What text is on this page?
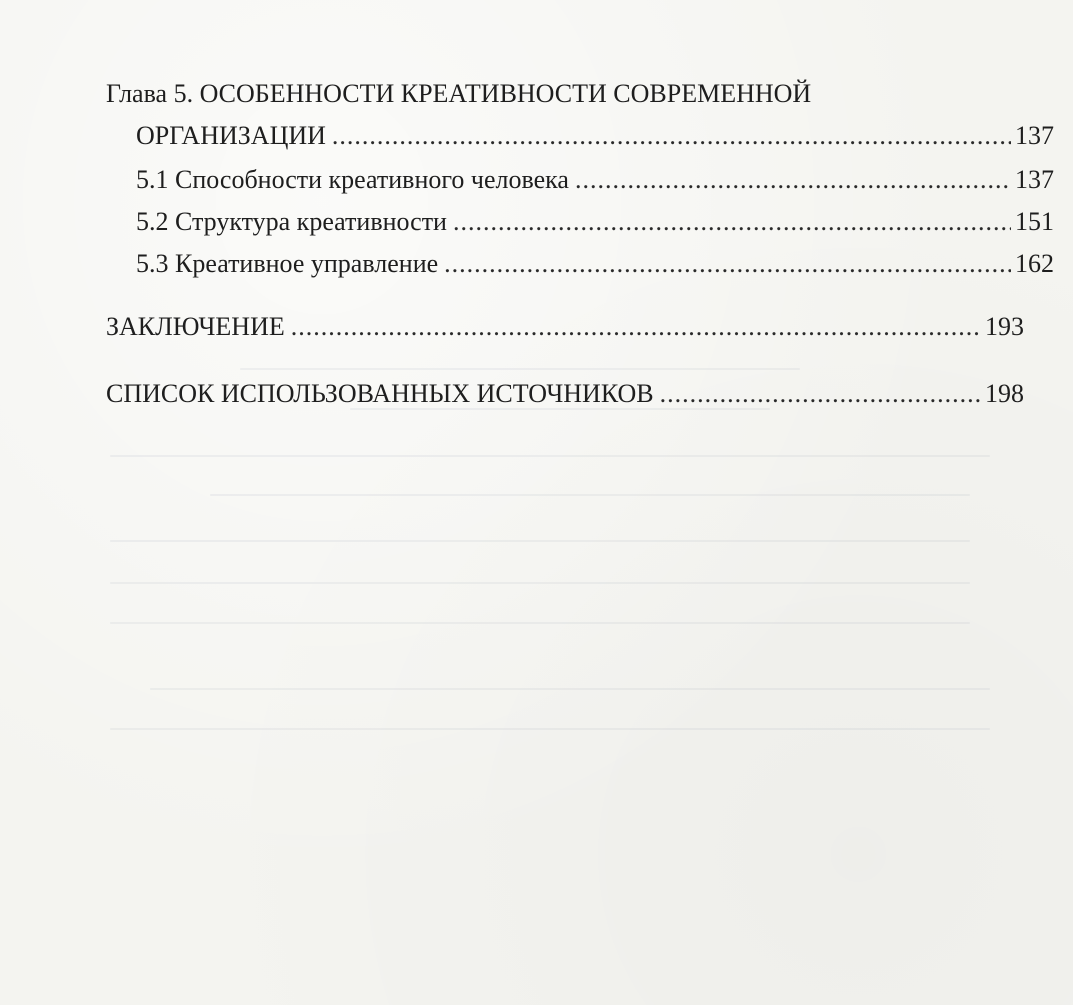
Глава 5. ОСОБЕННОСТИ КРЕАТИВНОСТИ СОВРЕМЕННОЙ
ОРГАНИЗАЦИИ .....	137
5.1 Способности креативного человека .....	137
5.2 Структура креативности .....	151
5.3 Креативное управление .....	162
ЗАКЛЮЧЕНИЕ .....	193
СПИСОК ИСПОЛЬЗОВАННЫХ ИСТОЧНИКОВ .....	198
